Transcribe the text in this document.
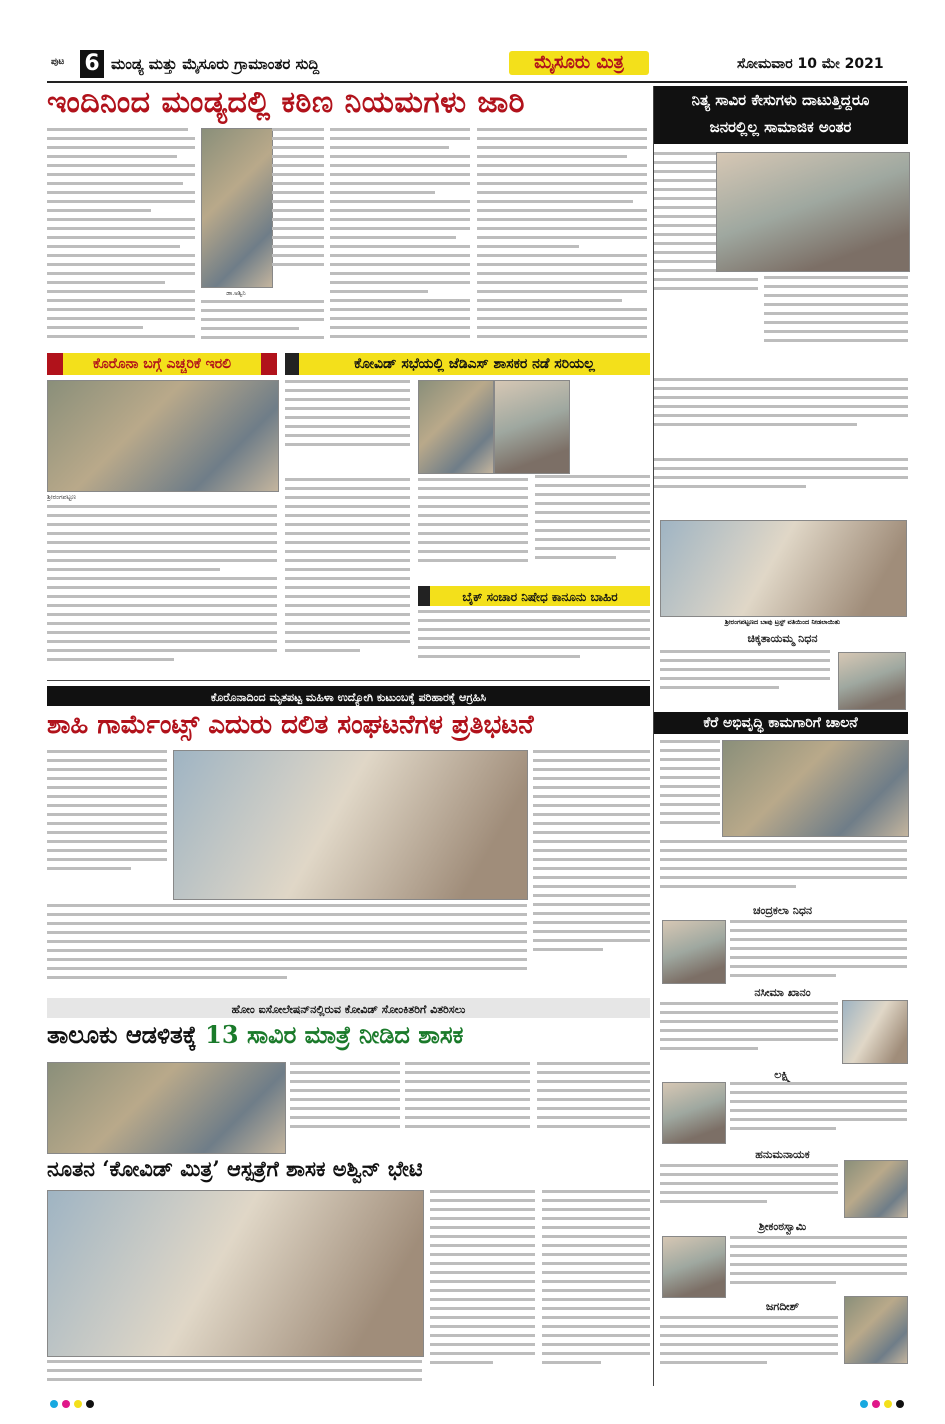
ಪುಟ 6 ಮಂಡ್ಯ ಮತ್ತು ಮೈಸೂರು ಗ್ರಾಮಾಂತರ ಸುದ್ದಿ	ಮೈಸೂರು ಮಿತ್ರ	ಸೋಮವಾರ 10 ಮೇ 2021
ಇಂದಿನಿಂದ ಮಂಡ್ಯದಲ್ಲಿ ಕಠಿಣ ನಿಯಮಗಳು ಜಾರಿ
ಡಾ.ಅಶ್ವಿನಿ
ನಿತ್ಯ ಸಾವಿರ ಕೇಸುಗಳು ದಾಟುತ್ತಿದ್ದರೂ
ಜನರಲ್ಲಿಲ್ಲ ಸಾಮಾಜಿಕ ಅಂತರ
ಶ್ರೀರಂಗಪಟ್ಟಣದ ಬಾಪು ಟ್ರಸ್ಟ್ ವತಿಯಿಂದ ನೀಡಲಾಯಿತು
ಕೊರೊನಾ ಬಗ್ಗೆ ಎಚ್ಚರಿಕೆ ಇರಲಿ
ಶ್ರೀರಂಗಪಟ್ಟಣ
ಕೋವಿಡ್ ಸಭೆಯಲ್ಲಿ ಜೆಡಿಎಸ್ ಶಾಸಕರ ನಡೆ ಸರಿಯಲ್ಲ
ಬೈಕ್ ಸಂಚಾರ ನಿಷೇಧ ಕಾನೂನು ಬಾಹಿರ
ಚಿಕ್ಕತಾಯಮ್ಮ ನಿಧನ
ಕೊರೊನಾದಿಂದ ಮೃತಪಟ್ಟ ಮಹಿಳಾ ಉದ್ಯೋಗಿ ಕುಟುಂಬಕ್ಕೆ ಪರಿಹಾರಕ್ಕೆ ಆಗ್ರಹಿಸಿ
ಶಾಹಿ ಗಾರ್ಮೆಂಟ್ಸ್ ಎದುರು ದಲಿತ ಸಂಘಟನೆಗಳ ಪ್ರತಿಭಟನೆ	ಕೆರೆ ಅಭಿವೃದ್ಧಿ ಕಾಮಗಾರಿಗೆ ಚಾಲನೆ
ಚಂದ್ರಕಲಾ ನಿಧನ
ನಸೀಮಾ ಖಾನಂ
ಹೋಂ ಐಸೋಲೇಷನ್‌ನಲ್ಲಿರುವ ಕೋವಿಡ್ ಸೋಂಕಿತರಿಗೆ ವಿತರಿಸಲು
ತಾಲೂಕು ಆಡಳಿತಕ್ಕೆ 13 ಸಾವಿರ ಮಾತ್ರೆ ನೀಡಿದ ಶಾಸಕ
ಲಕ್ಷ್ಮಿ
ಹನುಮನಾಯಕ
ನೂತನ ‘ಕೋವಿಡ್ ಮಿತ್ರ’ ಆಸ್ಪತ್ರೆಗೆ ಶಾಸಕ ಅಶ್ವಿನ್ ಭೇಟಿ
ಶ್ರೀಕಂಠಸ್ವಾಮಿ
ಜಗದೀಶ್
